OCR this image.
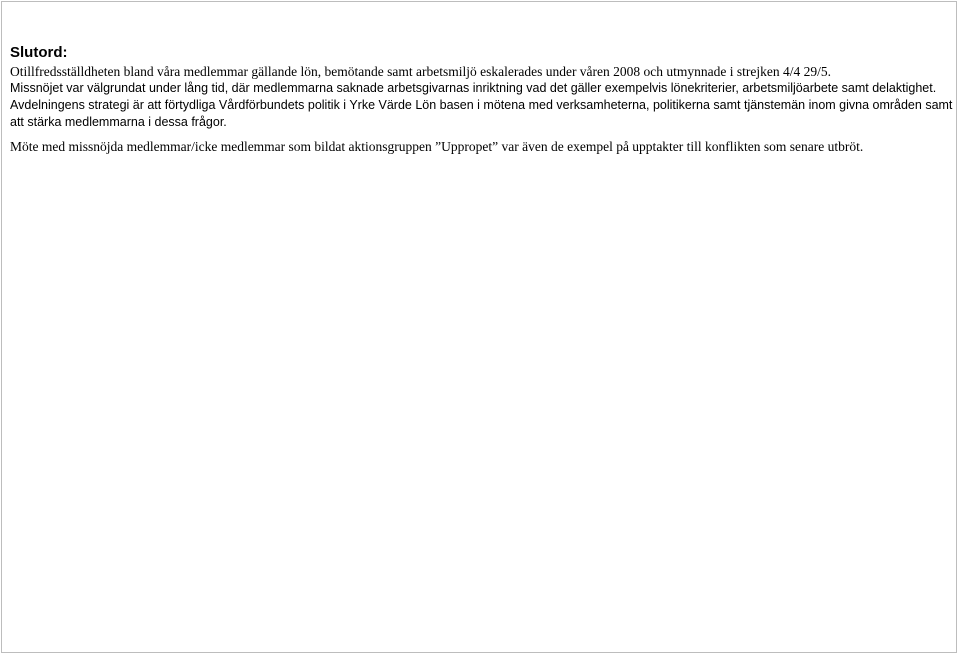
Slutord:

Otillfredsställdheten bland våra medlemmar gällande lön, bemötande samt arbetsmiljö eskalerades under våren 2008 och utmynnade i strejken 4/4 29/5.

Missnöjet var välgrundat under lång tid, där medlemmarna saknade arbetsgivarnas inriktning vad det gäller exempelvis lönekriterier, arbetsmiljöarbete samt delaktighet.

Avdelningens strategi är att förtydliga Vårdförbundets politik i Yrke Värde Lön basen i mötena med verksamheterna, politikerna samt tjänstemän inom givna områden samt att stärka medlemmarna i dessa frågor.

Möte med missnöjda medlemmar/icke medlemmar som bildat aktionsgruppen ”Uppropet” var även de exempel på upptakter till konflikten som senare utbröt.
